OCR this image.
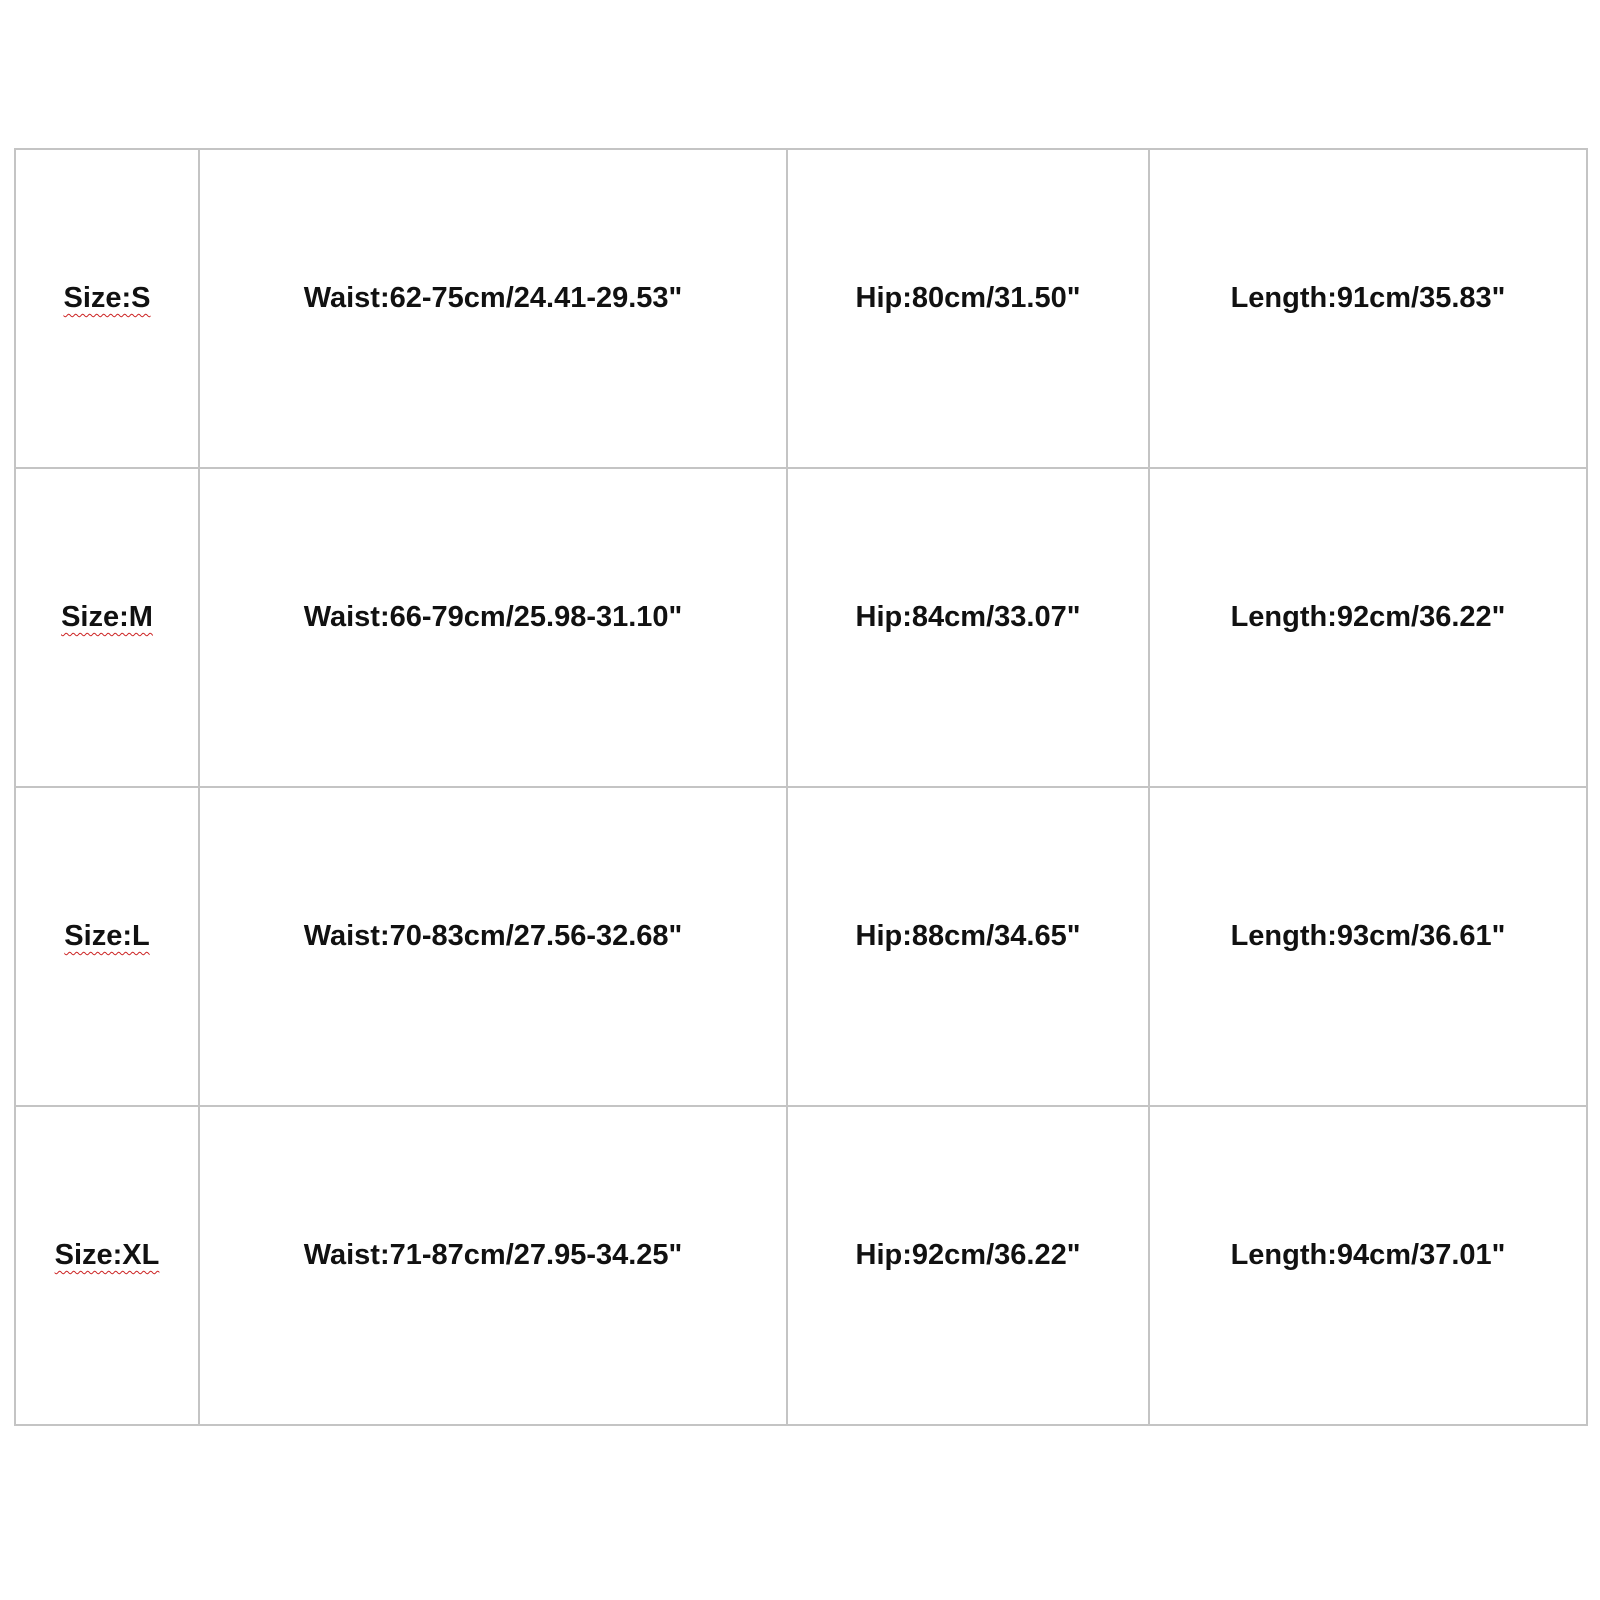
Size:S	Waist:62-75cm/24.41-29.53"	Hip:80cm/31.50"	Length:91cm/35.83"
Size:M	Waist:66-79cm/25.98-31.10"	Hip:84cm/33.07"	Length:92cm/36.22"
Size:L	Waist:70-83cm/27.56-32.68"	Hip:88cm/34.65"	Length:93cm/36.61"
Size:XL	Waist:71-87cm/27.95-34.25"	Hip:92cm/36.22"	Length:94cm/37.01"
